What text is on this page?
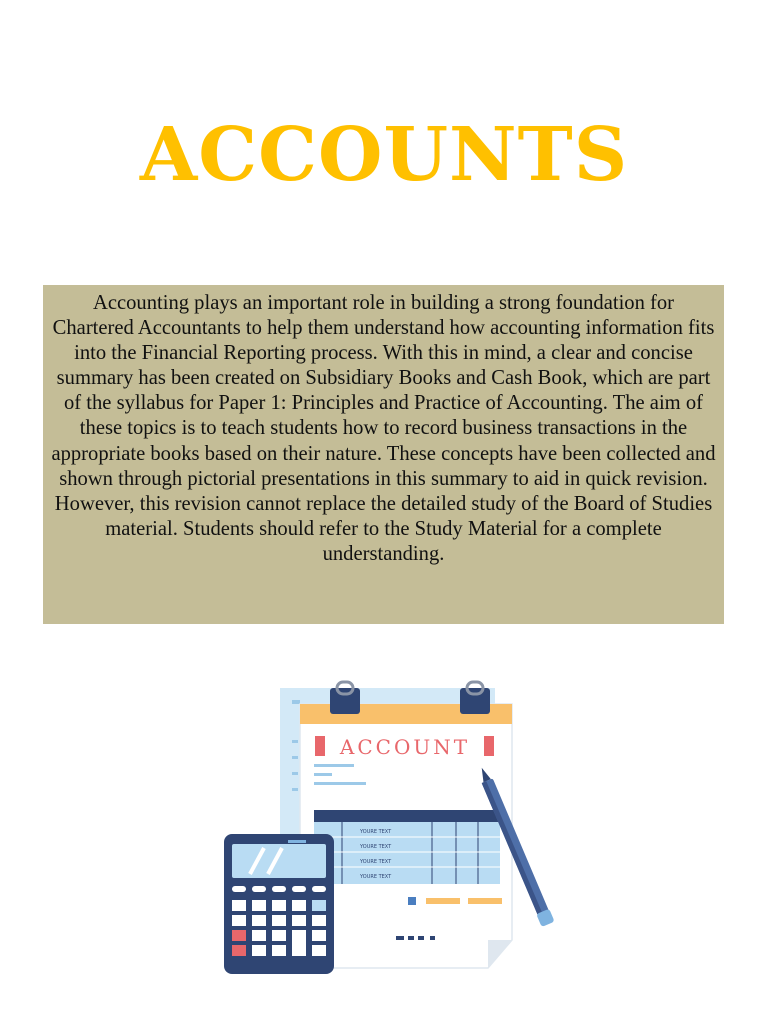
ACCOUNTS

Accounting plays an important role in building a strong foundation for Chartered Accountants to help them understand how accounting information fits into the Financial Reporting process. With this in mind, a clear and concise summary has been created on Subsidiary Books and Cash Book, which are part of the syllabus for Paper 1: Principles and Practice of Accounting. The aim of these topics is to teach students how to record business transactions in the appropriate books based on their nature. These concepts have been collected and shown through pictorial presentations in this summary to aid in quick revision. However, this revision cannot replace the detailed study of the Board of Studies material. Students should refer to the Study Material for a complete understanding.

ACCOUNT
YOURE TEXT
YOURE TEXT
YOURE TEXT
YOURE TEXT
